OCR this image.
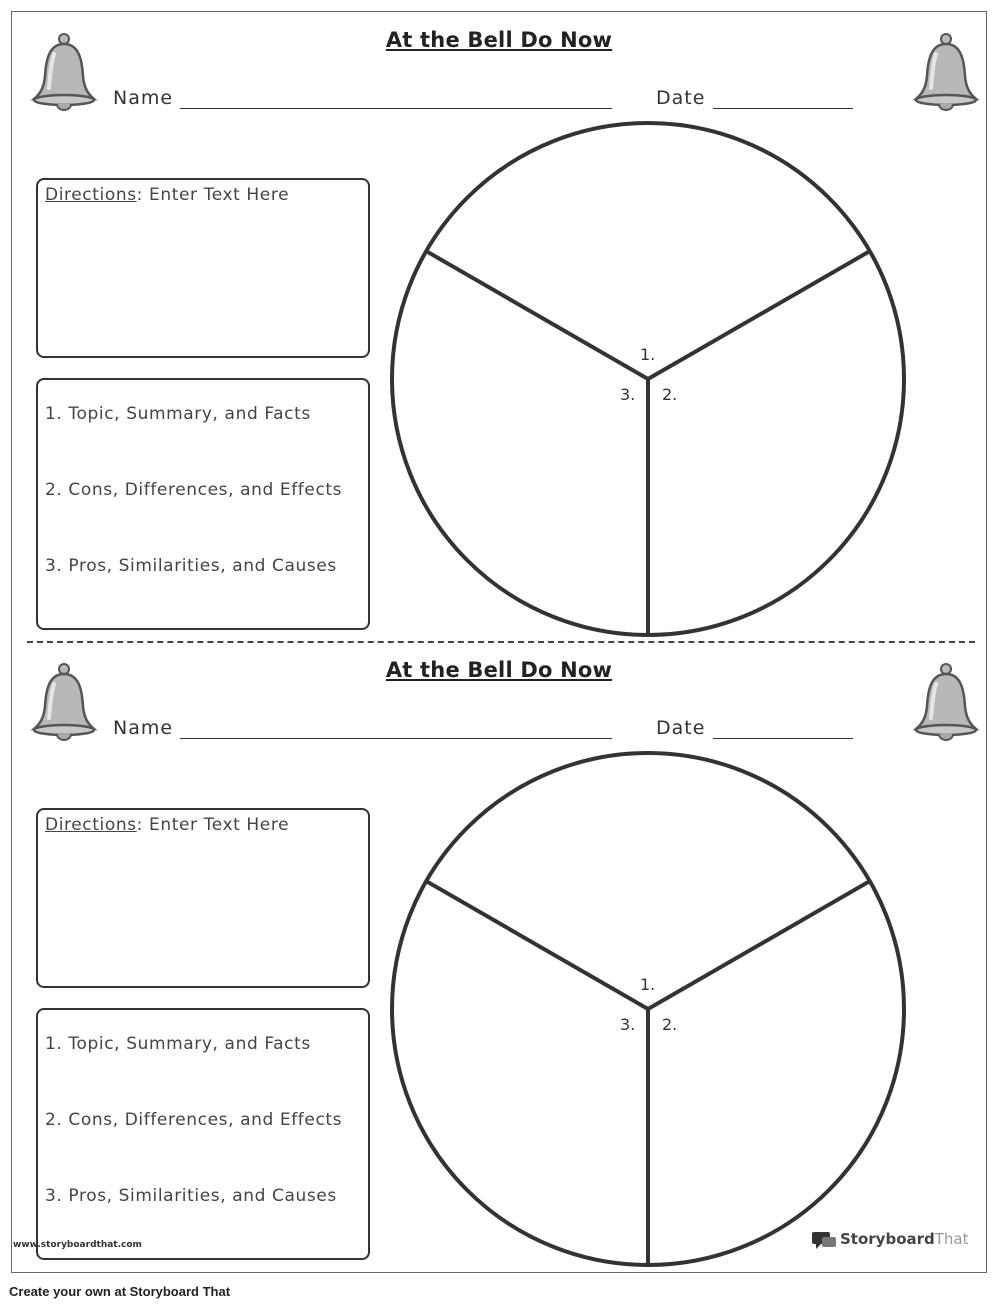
At the Bell Do Now
Name	Date
Directions: Enter Text Here
1. Topic, Summary, and Facts
2. Cons, Differences, and Effects
3. Pros, Similarities, and Causes
1.
2.
3.
At the Bell Do Now
Name	Date
Directions: Enter Text Here
1. Topic, Summary, and Facts
2. Cons, Differences, and Effects
3. Pros, Similarities, and Causes
1.
2.
3.
www.storyboardthat.com	StoryboardThat
Create your own at Storyboard That
